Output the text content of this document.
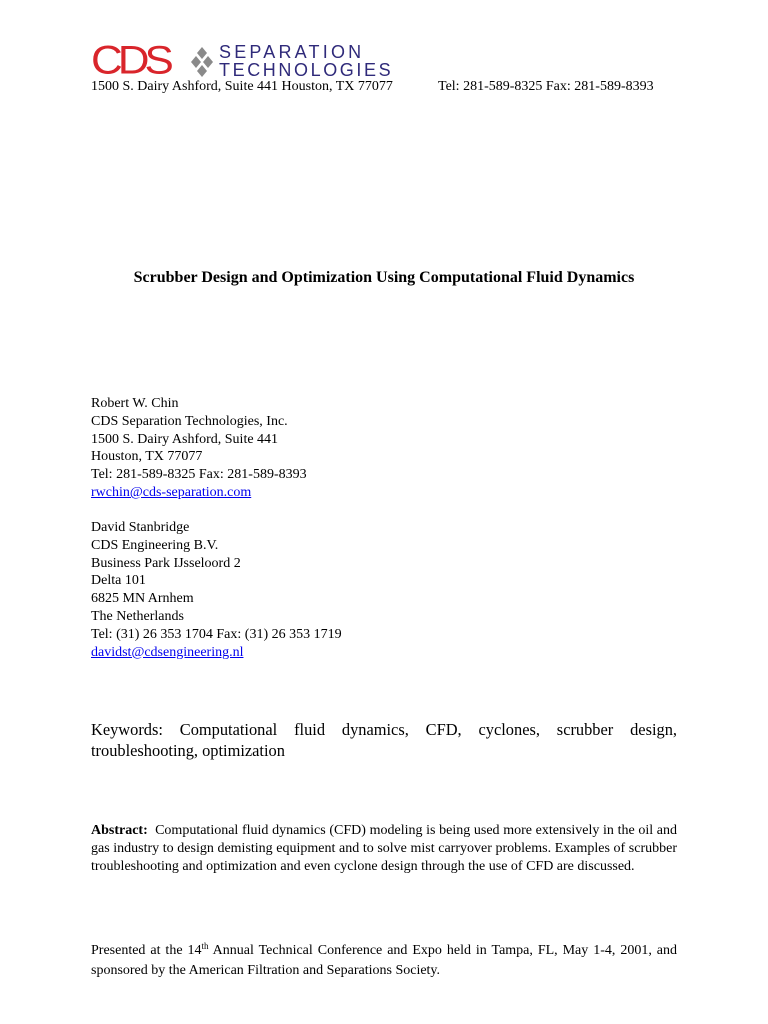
CDS	SEPARATION
TECHNOLOGIES
1500 S. Dairy Ashford, Suite 441 Houston, TX 77077	Tel: 281-589-8325 Fax: 281-589-8393
Scrubber Design and Optimization Using Computational Fluid Dynamics
Robert W. Chin
CDS Separation Technologies, Inc.
1500 S. Dairy Ashford, Suite 441
Houston, TX 77077
Tel: 281-589-8325 Fax: 281-589-8393
rwchin@cds-separation.com
David Stanbridge
CDS Engineering B.V.
Business Park IJsseloord 2
Delta 101
6825 MN Arnhem
The Netherlands
Tel: (31) 26 353 1704 Fax: (31) 26 353 1719
davidst@cdsengineering.nl
Keywords: Computational fluid dynamics, CFD, cyclones, scrubber design, troubleshooting, optimization
Abstract: Computational fluid dynamics (CFD) modeling is being used more extensively in the oil and gas industry to design demisting equipment and to solve mist carryover problems. Examples of scrubber troubleshooting and optimization and even cyclone design through the use of CFD are discussed.
Presented at the 14th Annual Technical Conference and Expo held in Tampa, FL, May 1-4, 2001, and sponsored by the American Filtration and Separations Society.
